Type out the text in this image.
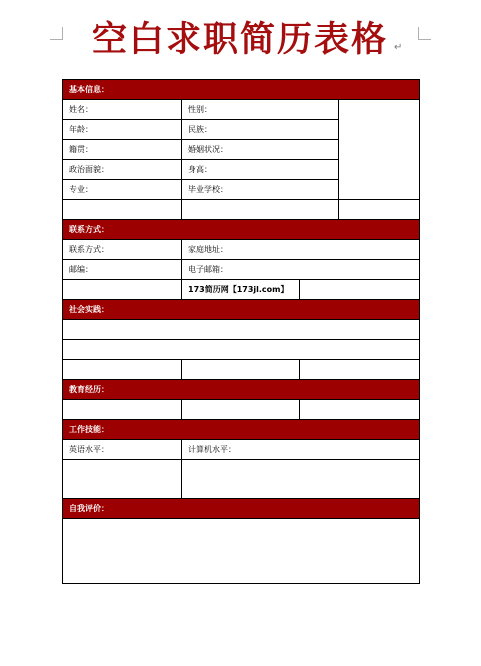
空白求职简历表格 ↵
基本信息：			
姓名：	性别：		
年龄：	民族：		
籍贯：	婚姻状况：		
政治面貌：	身高：		
专业：	毕业学校：		

联系方式：			
联系方式：	家庭地址：		
邮编：	电子邮箱：		
	173简历网【173jl.com】		
社会实践：			

教育经历：			

工作技能：			
英语水平：	计算机水平：		

自我评价：			
